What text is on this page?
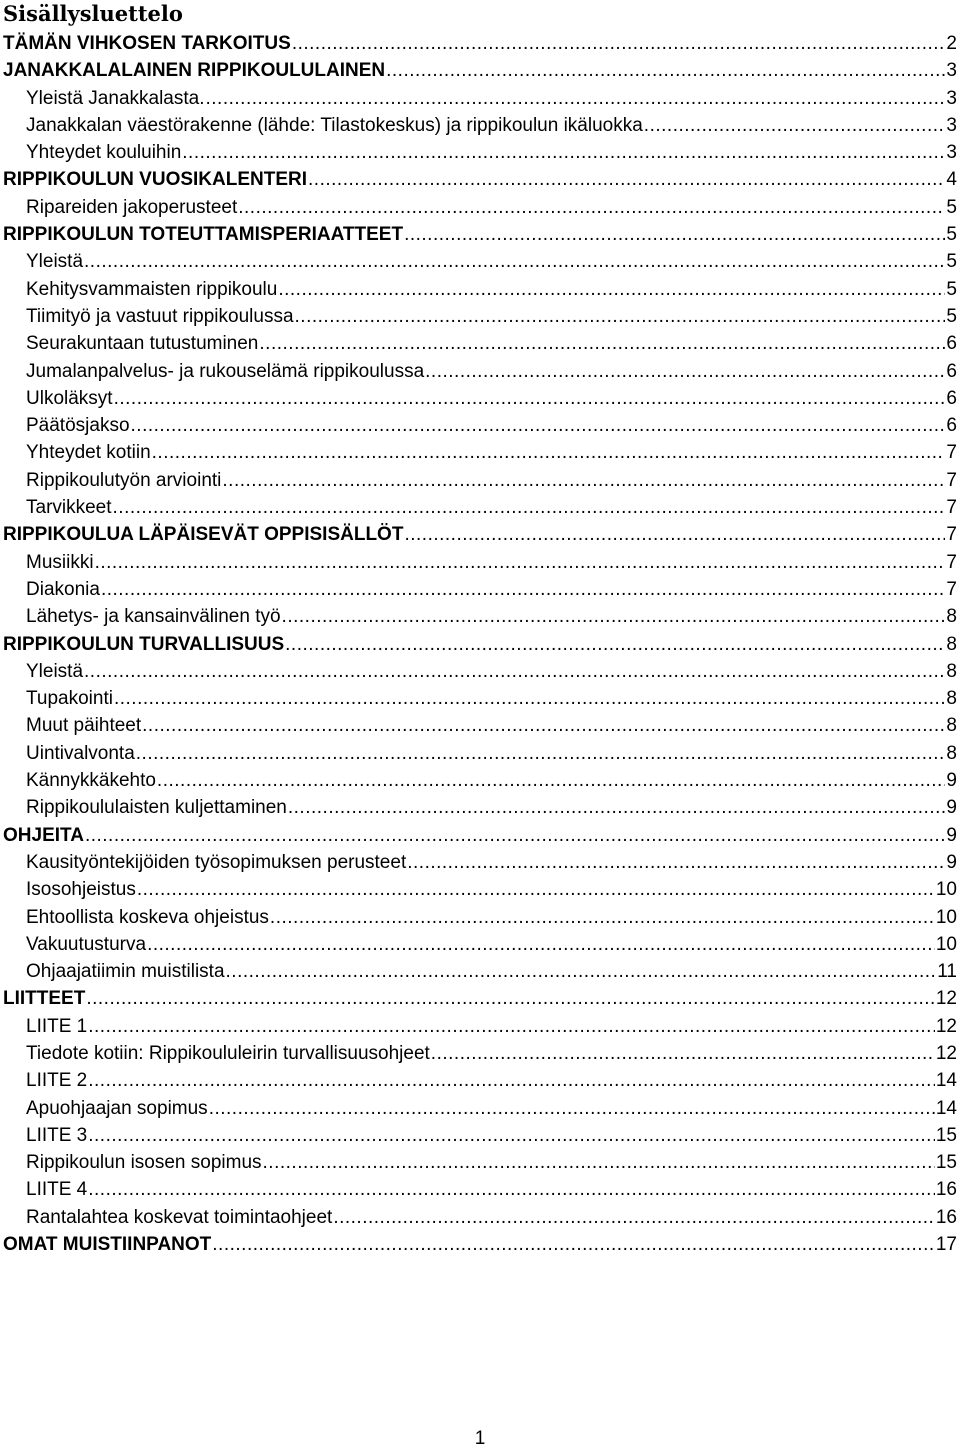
Sisällysluettelo
TÄMÄN VIHKOSEN TARKOITUS .....	2
JANAKKALALAINEN RIPPIKOULULAINEN .....	3
Yleistä Janakkalasta. .....	3
Janakkalan väestörakenne (lähde: Tilastokeskus) ja rippikoulun ikäluokka .....	3
Yhteydet kouluihin .....	3
RIPPIKOULUN VUOSIKALENTERI .....	4
Ripareiden jakoperusteet .....	5
RIPPIKOULUN TOTEUTTAMISPERIAATTEET .....	5
Yleistä .....	5
Kehitysvammaisten rippikoulu .....	5
Tiimityö ja vastuut rippikoulussa .....	5
Seurakuntaan tutustuminen .....	6
Jumalanpalvelus- ja rukouselämä rippikoulussa .....	6
Ulkoläksyt .....	6
Päätösjakso .....	6
Yhteydet kotiin .....	7
Rippikoulutyön arviointi .....	7
Tarvikkeet .....	7
RIPPIKOULUA LÄPÄISEVÄT OPPISISÄLLÖT .....	7
Musiikki .....	7
Diakonia .....	7
Lähetys- ja kansainvälinen työ .....	8
RIPPIKOULUN TURVALLISUUS .....	8
Yleistä .....	8
Tupakointi .....	8
Muut päihteet .....	8
Uintivalvonta .....	8
Kännykkäkehto .....	9
Rippikoululaisten kuljettaminen .....	9
OHJEITA .....	9
Kausityöntekijöiden työsopimuksen perusteet .....	9
Isosohjeistus .....	10
Ehtoollista koskeva ohjeistus .....	10
Vakuutusturva .....	10
Ohjaajatiimin muistilista .....	11
LIITTEET .....	12
LIITE 1 .....	12
Tiedote kotiin: Rippikoululeirin turvallisuusohjeet .....	12
LIITE 2 .....	14
Apuohjaajan sopimus .....	14
LIITE 3 .....	15
Rippikoulun isosen sopimus .....	15
LIITE 4 .....	16
Rantalahtea koskevat toimintaohjeet .....	16
OMAT MUISTIINPANOT .....	17

1
